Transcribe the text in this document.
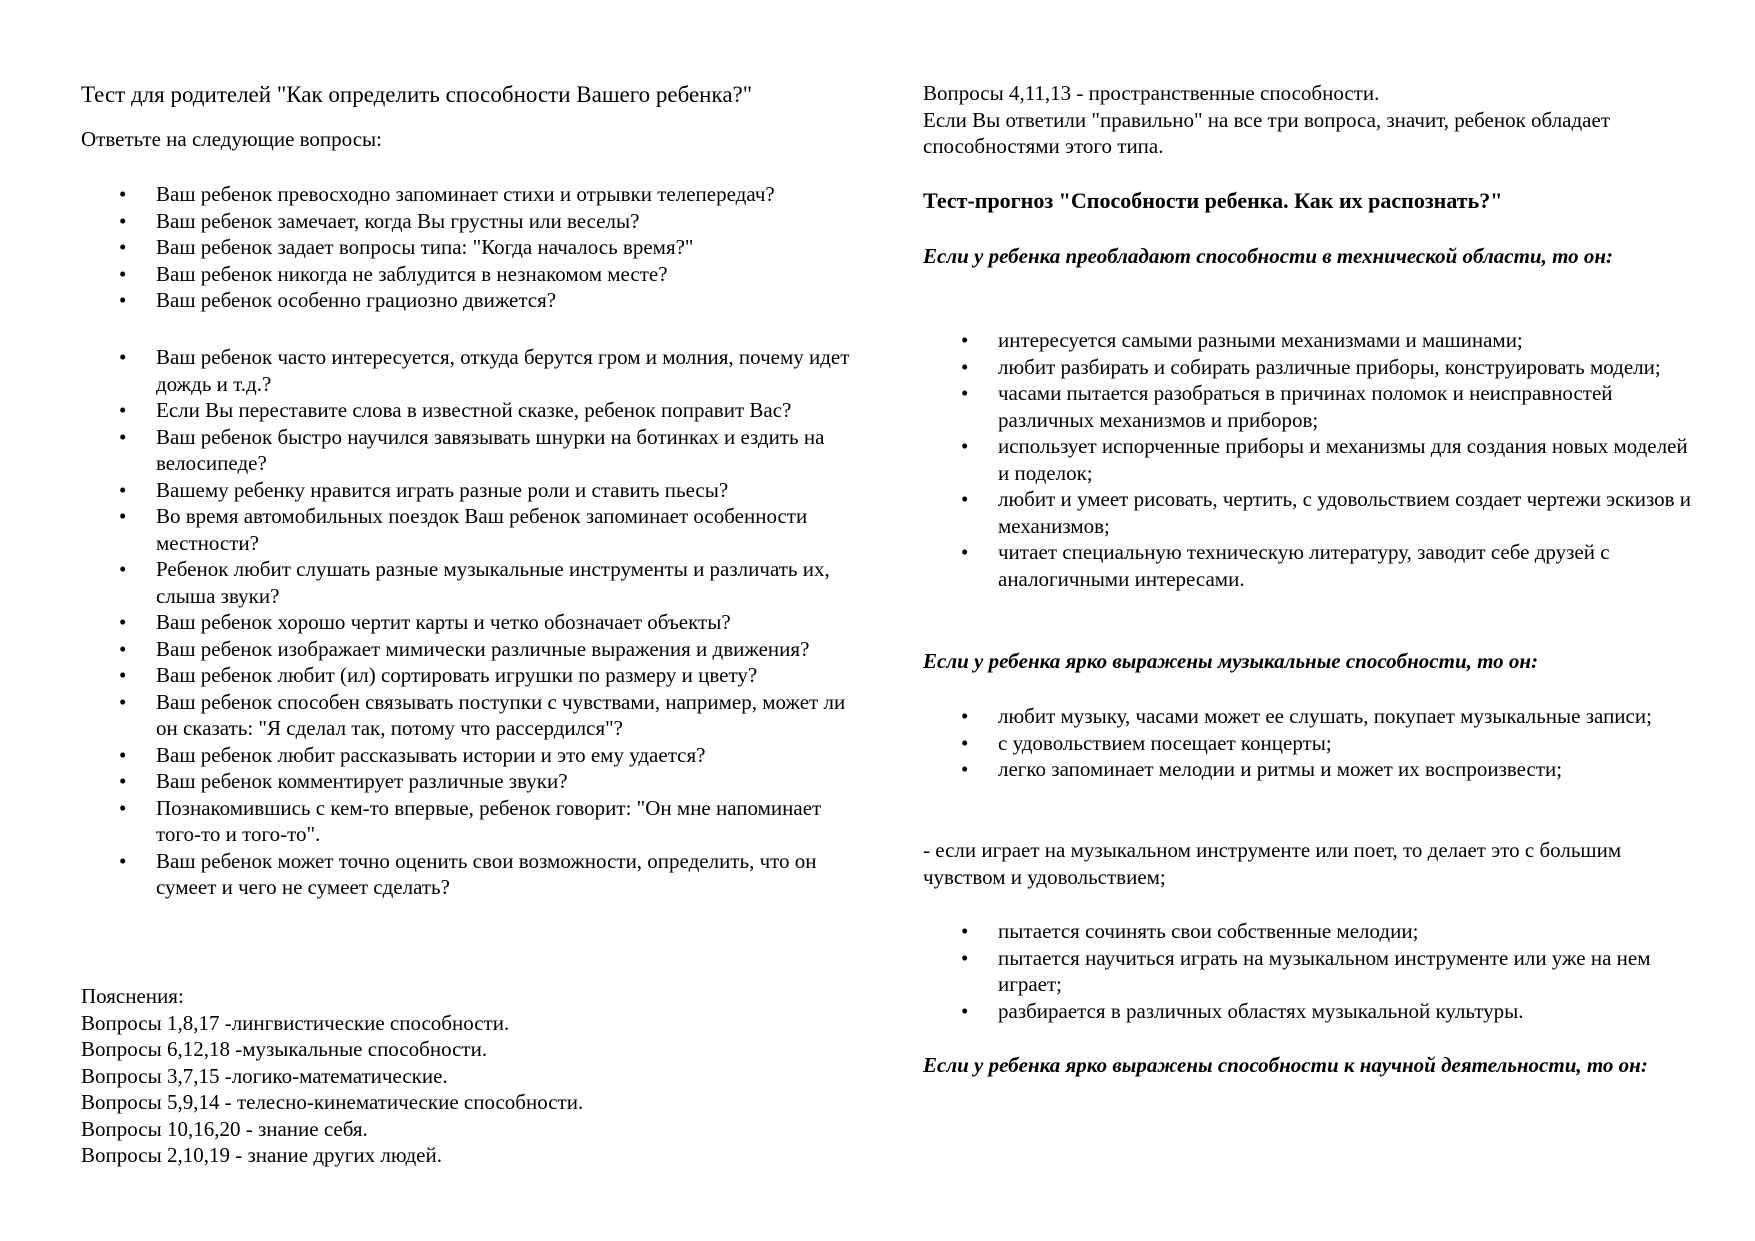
Тест для родителей "Как определить способности Вашего ребенка?"

Ответьте на следующие вопросы:

• Ваш ребенок превосходно запоминает стихи и отрывки телепередач?
• Ваш ребенок замечает, когда Вы грустны или веселы?
• Ваш ребенок задает вопросы типа: "Когда началось время?"
• Ваш ребенок никогда не заблудится в незнакомом месте?
• Ваш ребенок особенно грациозно движется?
• Ваш ребенок часто интересуется, откуда берутся гром и молния, почему идет дождь и т.д.?
• Если Вы переставите слова в известной сказке, ребенок поправит Вас?
• Ваш ребенок быстро научился завязывать шнурки на ботинках и ездить на велосипеде?
• Вашему ребенку нравится играть разные роли и ставить пьесы?
• Во время автомобильных поездок Ваш ребенок запоминает особенности местности?
• Ребенок любит слушать разные музыкальные инструменты и различать их, слыша звуки?
• Ваш ребенок хорошо чертит карты и четко обозначает объекты?
• Ваш ребенок изображает мимически различные выражения и движения?
• Ваш ребенок любит (ил) сортировать игрушки по размеру и цвету?
• Ваш ребенок способен связывать поступки с чувствами, например, может ли он сказать: "Я сделал так, потому что рассердился"?
• Ваш ребенок любит рассказывать истории и это ему удается?
• Ваш ребенок комментирует различные звуки?
• Познакомившись с кем-то впервые, ребенок говорит: "Он мне напоминает того-то и того-то".
• Ваш ребенок может точно оценить свои возможности, определить, что он сумеет и чего не сумеет сделать?

Пояснения:

Вопросы 1,8,17 -лингвистические способности.

Вопросы 6,12,18 -музыкальные способности.

Вопросы 3,7,15 -логико-математические.

Вопросы 5,9,14 - телесно-кинематические способности.

Вопросы 10,16,20 - знание себя.

Вопросы 2,10,19 - знание других людей.

Вопросы 4,11,13 - пространственные способности.

Если Вы ответили "правильно" на все три вопроса, значит, ребенок обладает способностями этого типа.

Тест-прогноз "Способности ребенка. Как их распознать?"

Если у ребенка преобладают способности в технической области, то он:

• интересуется самыми разными механизмами и машинами;
• любит разбирать и собирать различные приборы, конструировать модели;
• часами пытается разобраться в причинах поломок и неисправностей различных механизмов и приборов;
• использует испорченные приборы и механизмы для создания новых моделей и поделок;
• любит и умеет рисовать, чертить, с удовольствием создает чертежи эскизов и механизмов;
• читает специальную техническую литературу, заводит себе друзей с аналогичными интересами.

Если у ребенка ярко выражены музыкальные способности, то он:

• любит музыку, часами может ее слушать, покупает музыкальные записи;
• с удовольствием посещает концерты;
• легко запоминает мелодии и ритмы и может их воспроизвести;

- если играет на музыкальном инструменте или поет, то делает это с большим чувством и удовольствием;

• пытается сочинять свои собственные мелодии;
• пытается научиться играть на музыкальном инструменте или уже на нем играет;
• разбирается в различных областях музыкальной культуры.

Если у ребенка ярко выражены способности к научной деятельности, то он:
